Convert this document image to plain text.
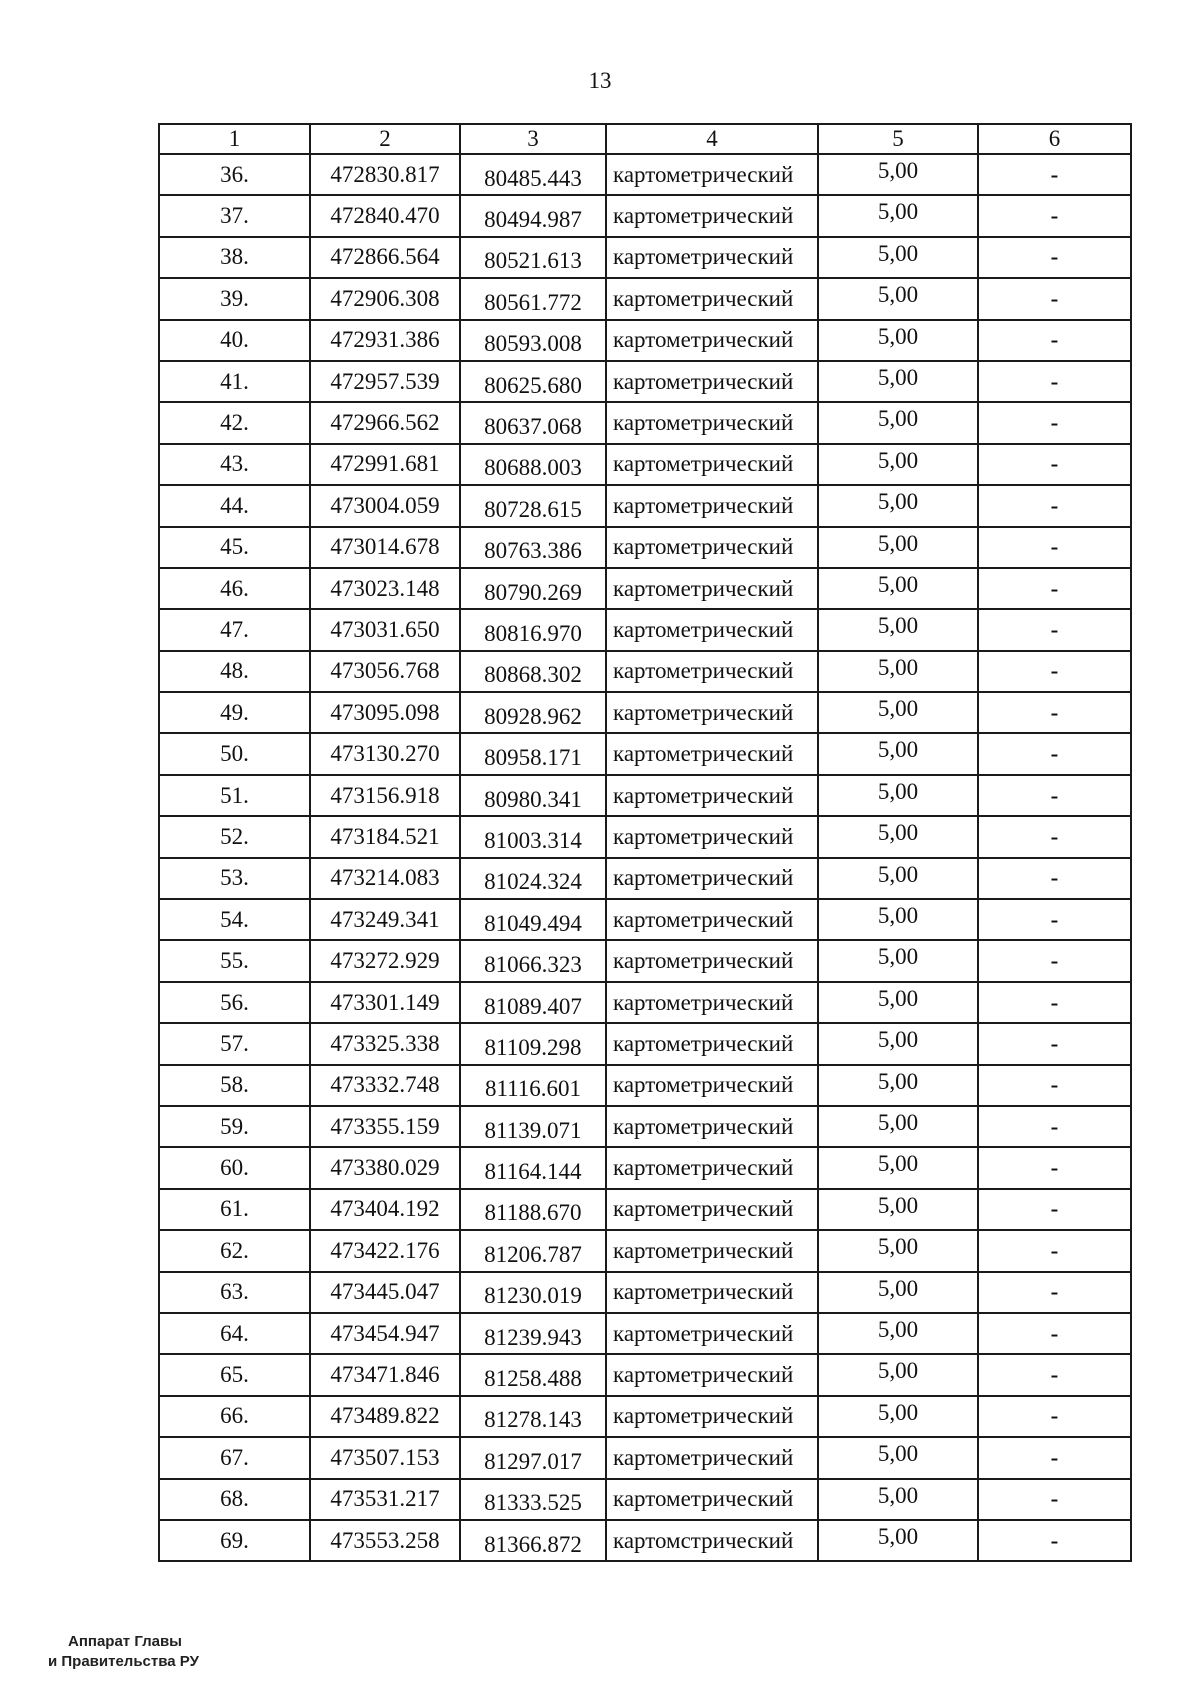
13
1	2	3	4	5	6
36.	472830.817	80485.443	картометрический	5,00	-
37.	472840.470	80494.987	картометрический	5,00	-
38.	472866.564	80521.613	картометрический	5,00	-
39.	472906.308	80561.772	картометрический	5,00	-
40.	472931.386	80593.008	картометрический	5,00	-
41.	472957.539	80625.680	картометрический	5,00	-
42.	472966.562	80637.068	картометрический	5,00	-
43.	472991.681	80688.003	картометрический	5,00	-
44.	473004.059	80728.615	картометрический	5,00	-
45.	473014.678	80763.386	картометрический	5,00	-
46.	473023.148	80790.269	картометрический	5,00	-
47.	473031.650	80816.970	картометрический	5,00	-
48.	473056.768	80868.302	картометрический	5,00	-
49.	473095.098	80928.962	картометрический	5,00	-
50.	473130.270	80958.171	картометрический	5,00	-
51.	473156.918	80980.341	картометрический	5,00	-
52.	473184.521	81003.314	картометрический	5,00	-
53.	473214.083	81024.324	картометрический	5,00	-
54.	473249.341	81049.494	картометрический	5,00	-
55.	473272.929	81066.323	картометрический	5,00	-
56.	473301.149	81089.407	картометрический	5,00	-
57.	473325.338	81109.298	картометрический	5,00	-
58.	473332.748	81116.601	картометрический	5,00	-
59.	473355.159	81139.071	картометрический	5,00	-
60.	473380.029	81164.144	картометрический	5,00	-
61.	473404.192	81188.670	картометрический	5,00	-
62.	473422.176	81206.787	картометрический	5,00	-
63.	473445.047	81230.019	картометрический	5,00	-
64.	473454.947	81239.943	картометрический	5,00	-
65.	473471.846	81258.488	картометрический	5,00	-
66.	473489.822	81278.143	картометрический	5,00	-
67.	473507.153	81297.017	картометрический	5,00	-
68.	473531.217	81333.525	картометрический	5,00	-
69.	473553.258	81366.872	картомстрический	5,00	-
Аппарат Главы
и Правительства РУ
